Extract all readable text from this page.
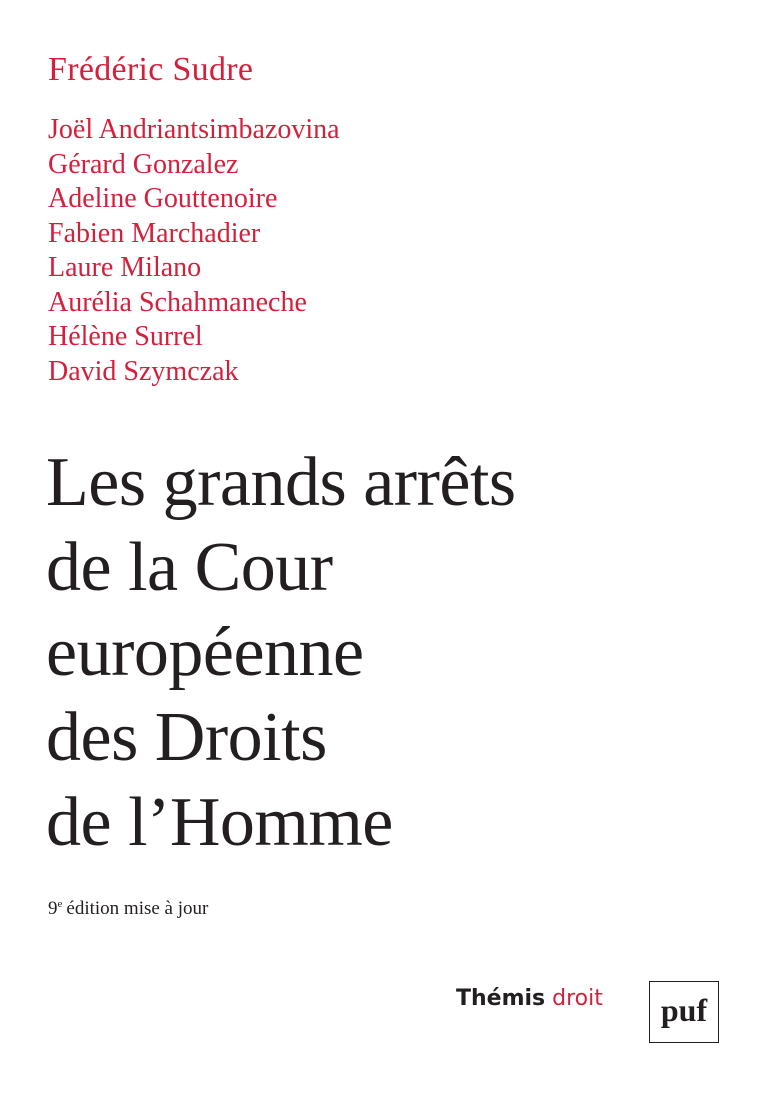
Frédéric Sudre
Joël Andriantsimbazovina
Gérard Gonzalez
Adeline Gouttenoire
Fabien Marchadier
Laure Milano
Aurélia Schahmaneche
Hélène Surrel
David Szymczak
Les grands arrêts
de la Cour
européenne
des Droits
de l’Homme
9e édition mise à jour
Thémis droit puf
